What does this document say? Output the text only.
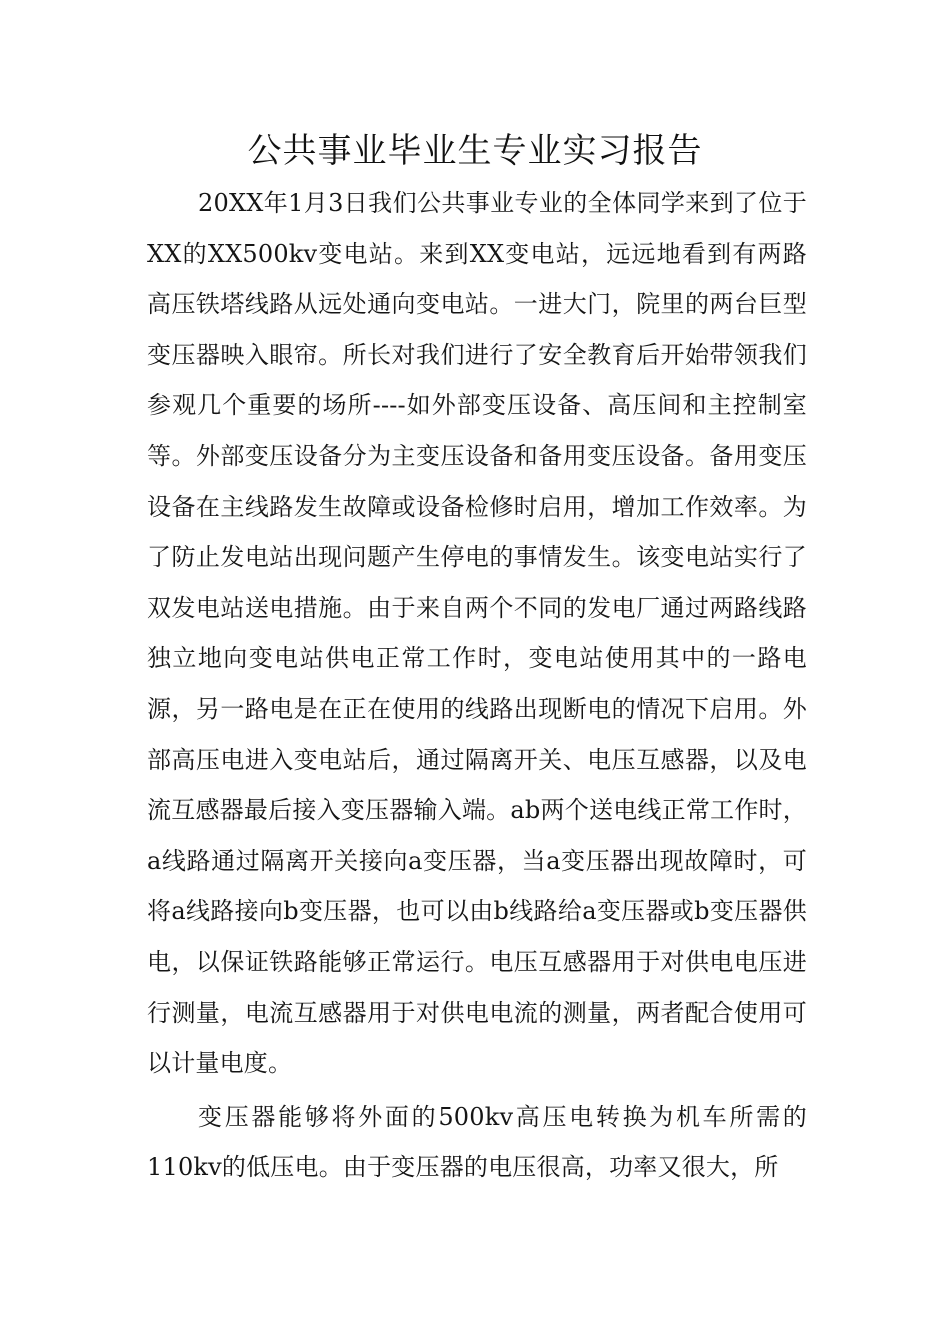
公共事业毕业生专业实习报告

20XX年1月3日我们公共事业专业的全体同学来到了位于XX的XX500kv变电站。来到XX变电站，远远地看到有两路高压铁塔线路从远处通向变电站。一进大门，院里的两台巨型变压器映入眼帘。所长对我们进行了安全教育后开始带领我们参观几个重要的场所----如外部变压设备、高压间和主控制室等。外部变压设备分为主变压设备和备用变压设备。备用变压设备在主线路发生故障或设备检修时启用，增加工作效率。为了防止发电站出现问题产生停电的事情发生。该变电站实行了双发电站送电措施。由于来自两个不同的发电厂通过两路线路独立地向变电站供电正常工作时，变电站使用其中的一路电源，另一路电是在正在使用的线路出现断电的情况下启用。外部高压电进入变电站后，通过隔离开关、电压互感器，以及电流互感器最后接入变压器输入端。ab两个送电线正常工作时，a线路通过隔离开关接向a变压器，当a变压器出现故障时，可将a线路接向b变压器，也可以由b线路给a变压器或b变压器供电，以保证铁路能够正常运行。电压互感器用于对供电电压进行测量，电流互感器用于对供电电流的测量，两者配合使用可以计量电度。

变压器能够将外面的500kv高压电转换为机车所需的110kv的低压电。由于变压器的电压很高，功率又很大，所
